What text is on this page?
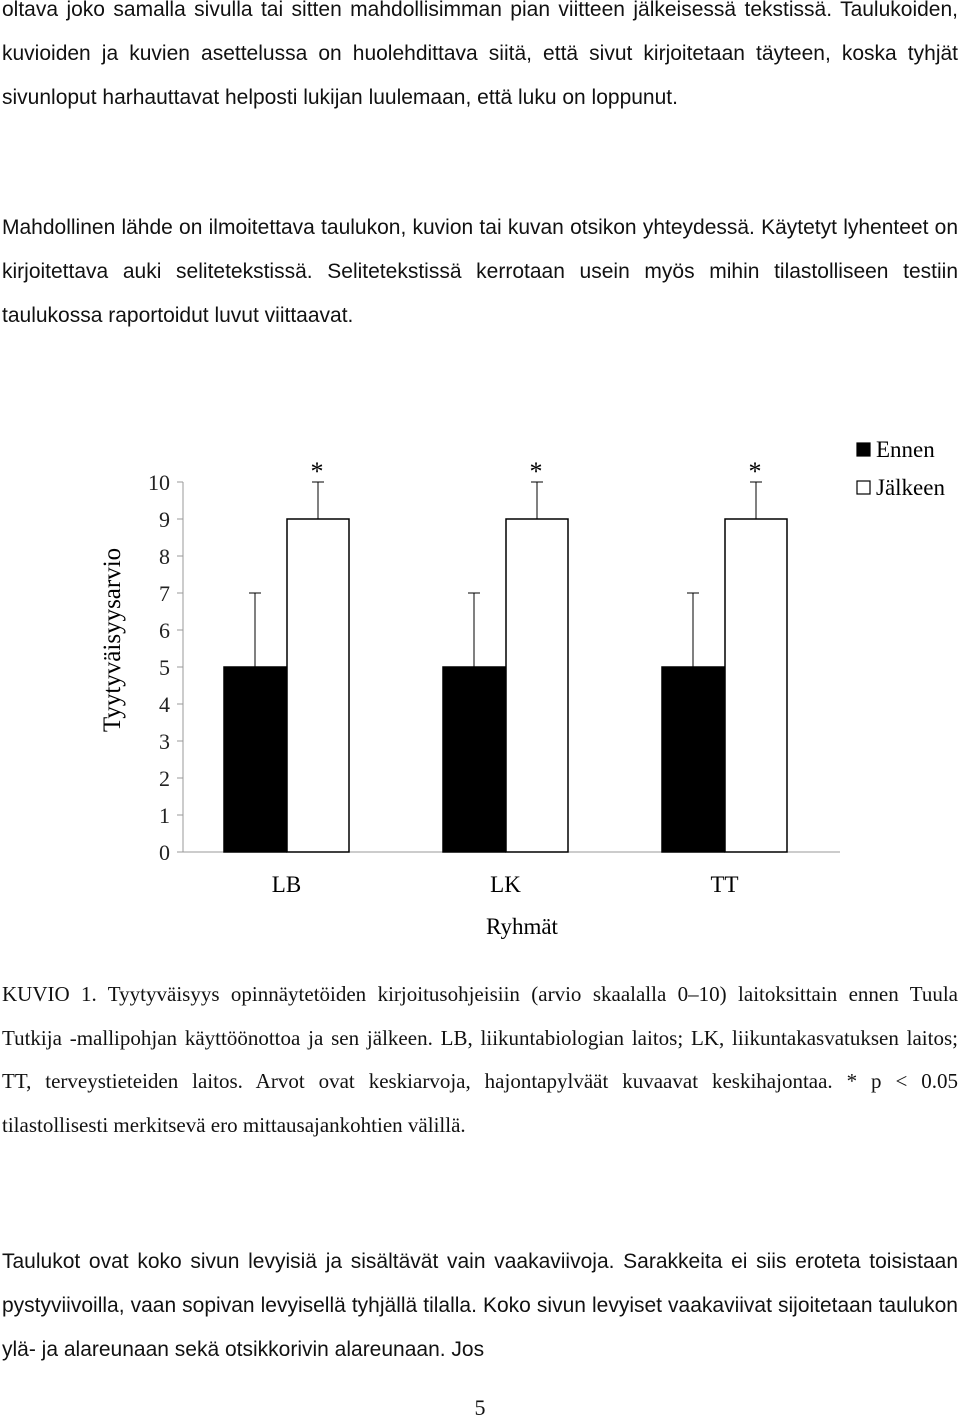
oltava joko samalla sivulla tai sitten mahdollisimman pian viitteen jälkeisessä tekstissä. Taulukoiden, kuvioiden ja kuvien asettelussa on huolehdittava siitä, että sivut kirjoitetaan täyteen, koska tyhjät sivunloput harhauttavat helposti lukijan luulemaan, että luku on loppunut.

Mahdollinen lähde on ilmoitettava taulukon, kuvion tai kuvan otsikon yhteydessä. Käytetyt lyhenteet on kirjoitettava auki selitetekstissä. Selitetekstissä kerrotaan usein myös mihin tilastolliseen testiin taulukossa raportoidut luvut viittaavat.

0
1
2
3
4
5
6
7
8
9
10	*
LB
*
LK
*
TT
Ryhmät
Tyytyväisyysarvio
Ennen
Jälkeen

KUVIO 1. Tyytyväisyys opinnäytetöiden kirjoitusohjeisiin (arvio skaalalla 0–10) laitoksittain ennen Tuula Tutkija -mallipohjan käyttöönottoa ja sen jälkeen. LB, liikuntabiologian laitos; LK, liikuntakasvatuksen laitos; TT, terveystieteiden laitos. Arvot ovat keskiarvoja, hajontapylväät kuvaavat keskihajontaa. * p < 0.05 tilastollisesti merkitsevä ero mittausajankohtien välillä.

Taulukot ovat koko sivun levyisiä ja sisältävät vain vaakaviivoja. Sarakkeita ei siis eroteta toisistaan pystyviivoilla, vaan sopivan levyisellä tyhjällä tilalla. Koko sivun levyiset vaakaviivat sijoitetaan taulukon ylä- ja alareunaan sekä otsikkorivin alareunaan. Jos

5
